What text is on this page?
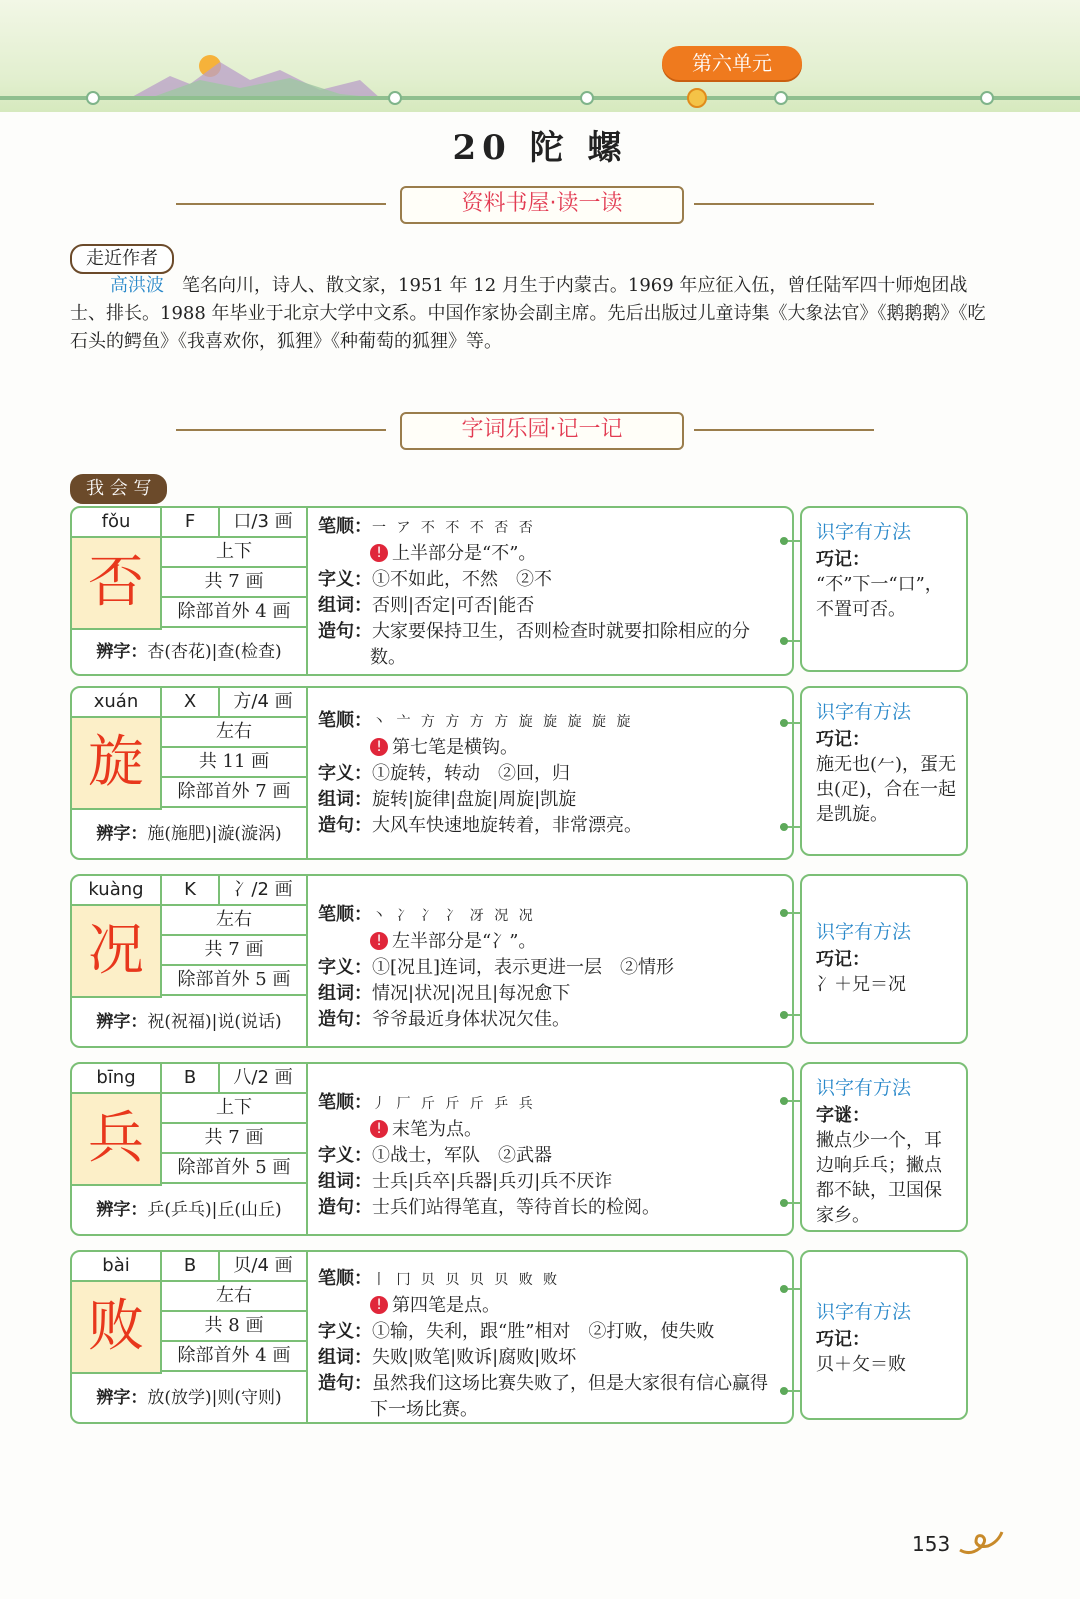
第六单元
20 陀 螺
资料书屋·读一读
走近作者
高洪波　 笔名向川，诗人、散文家，1951 年 12 月生于内蒙古。1969 年应征入伍，曾任陆军四十师炮团战士、排长。1988 年毕业于北京大学中文系。中国作家协会副主席。先后出版过儿童诗集《大象法官》《鹅鹅鹅》《吃石头的鳄鱼》《我喜欢你，狐狸》《种葡萄的狐狸》等。
字词乐园·记一记
我 会 写
fǒu	F	口/3 画
否	上下
共 7 画
除部首外 4 画
辨字： 杏(杏花)|查(检查)
笔顺：一 ア 不 不 不 否 否
! 上半部分是“不”。
字义：①不如此，不然　②不
组词：否则|否定|可否|能否
造句：大家要保持卫生，否则检查时就要扣除相应的分数。
识字有方法
巧记：
“不”下一“口”，不置可否。
xuán	X	方/4 画
旋	左右
共 11 画
除部首外 7 画
辨字： 施(施肥)|漩(漩涡)
笔顺：丶 亠 方 方 方 方 旋 旋 旋 旋 旋
! 第七笔是横钩。
字义：①旋转，转动　②回，归
组词：旋转|旋律|盘旋|周旋|凯旋
造句：大风车快速地旋转着，非常漂亮。
识字有方法
巧记：
施无也(𠂉)，蛋无虫(疋)，合在一起是凯旋。
kuàng	K	冫/2 画
况	左右
共 7 画
除部首外 5 画
辨字： 祝(祝福)|说(说话)
笔顺：丶 冫 冫 冫 冴 况 况
! 左半部分是“冫”。
字义：①[况且]连词，表示更进一层　②情形
组词：情况|状况|况且|每况愈下
造句：爷爷最近身体状况欠佳。
识字有方法
巧记：
冫＋兄＝况
bīng	B	八/2 画
兵	上下
共 7 画
除部首外 5 画
辨字： 乒(乒乓)|丘(山丘)
笔顺：丿 厂 斤 斤 斤 乒 兵
! 末笔为点。
字义：①战士，军队　②武器
组词：士兵|兵卒|兵器|兵刃|兵不厌诈
造句：士兵们站得笔直，等待首长的检阅。
识字有方法
字谜：
撇点少一个，耳边响乒乓；撇点都不缺，卫国保家乡。
bài	B	贝/4 画
败	左右
共 8 画
除部首外 4 画
辨字： 放(放学)|则(守则)
笔顺：丨 冂 贝 贝 贝 贝 败 败
! 第四笔是点。
字义：①输，失利，跟“胜”相对　②打败，使失败
组词：失败|败笔|败诉|腐败|败坏
造句：虽然我们这场比赛失败了，但是大家很有信心赢得下一场比赛。
识字有方法
巧记：
贝＋攵＝败
153
